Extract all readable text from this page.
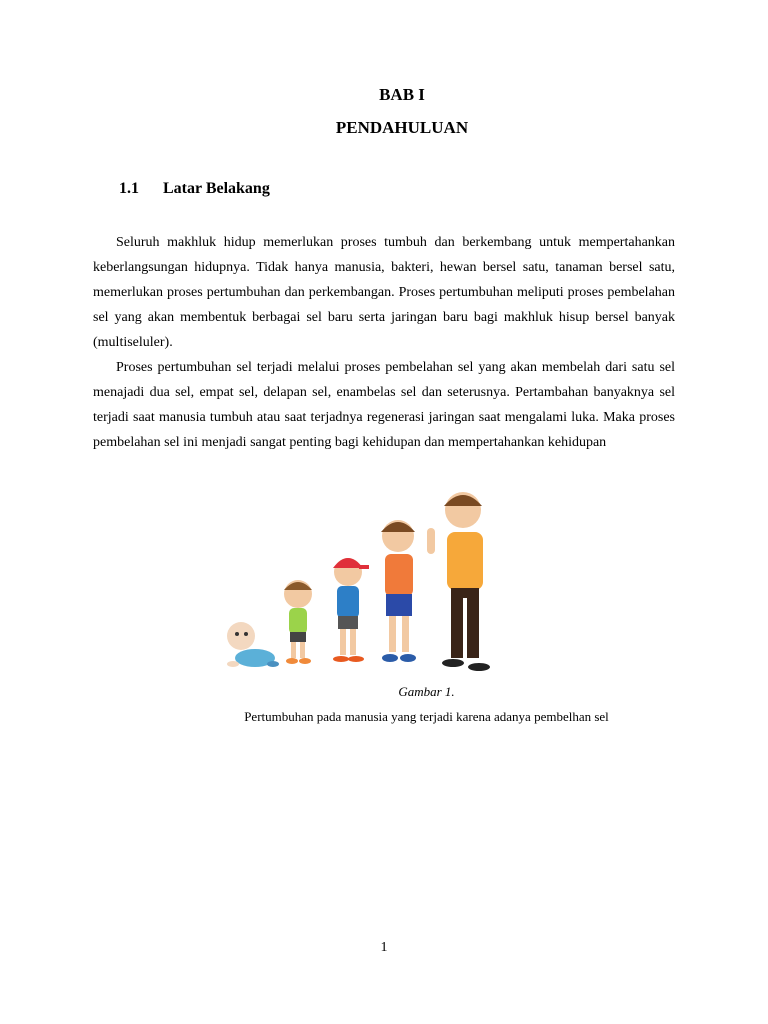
BAB I
PENDAHULUAN
1.1 Latar Belakang

Seluruh makhluk hidup memerlukan proses tumbuh dan berkembang untuk mempertahankan keberlangsungan hidupnya. Tidak hanya manusia, bakteri, hewan bersel satu, tanaman bersel satu, memerlukan proses pertumbuhan dan perkembangan. Proses pertumbuhan meliputi proses pembelahan sel yang akan membentuk berbagai sel baru serta jaringan baru bagi makhluk hisup bersel banyak (multiseluler).

Proses pertumbuhan sel terjadi melalui proses pembelahan sel yang akan membelah dari satu sel menajadi dua sel, empat sel, delapan sel, enambelas sel dan seterusnya. Pertambahan banyaknya sel terjadi saat manusia tumbuh atau saat terjadnya regenerasi jaringan saat mengalami luka. Maka proses pembelahan sel ini menjadi sangat penting bagi kehidupan dan mempertahankan kehidupan

Gambar 1.
Pertumbuhan pada manusia yang terjadi karena adanya pembelhan sel
1
